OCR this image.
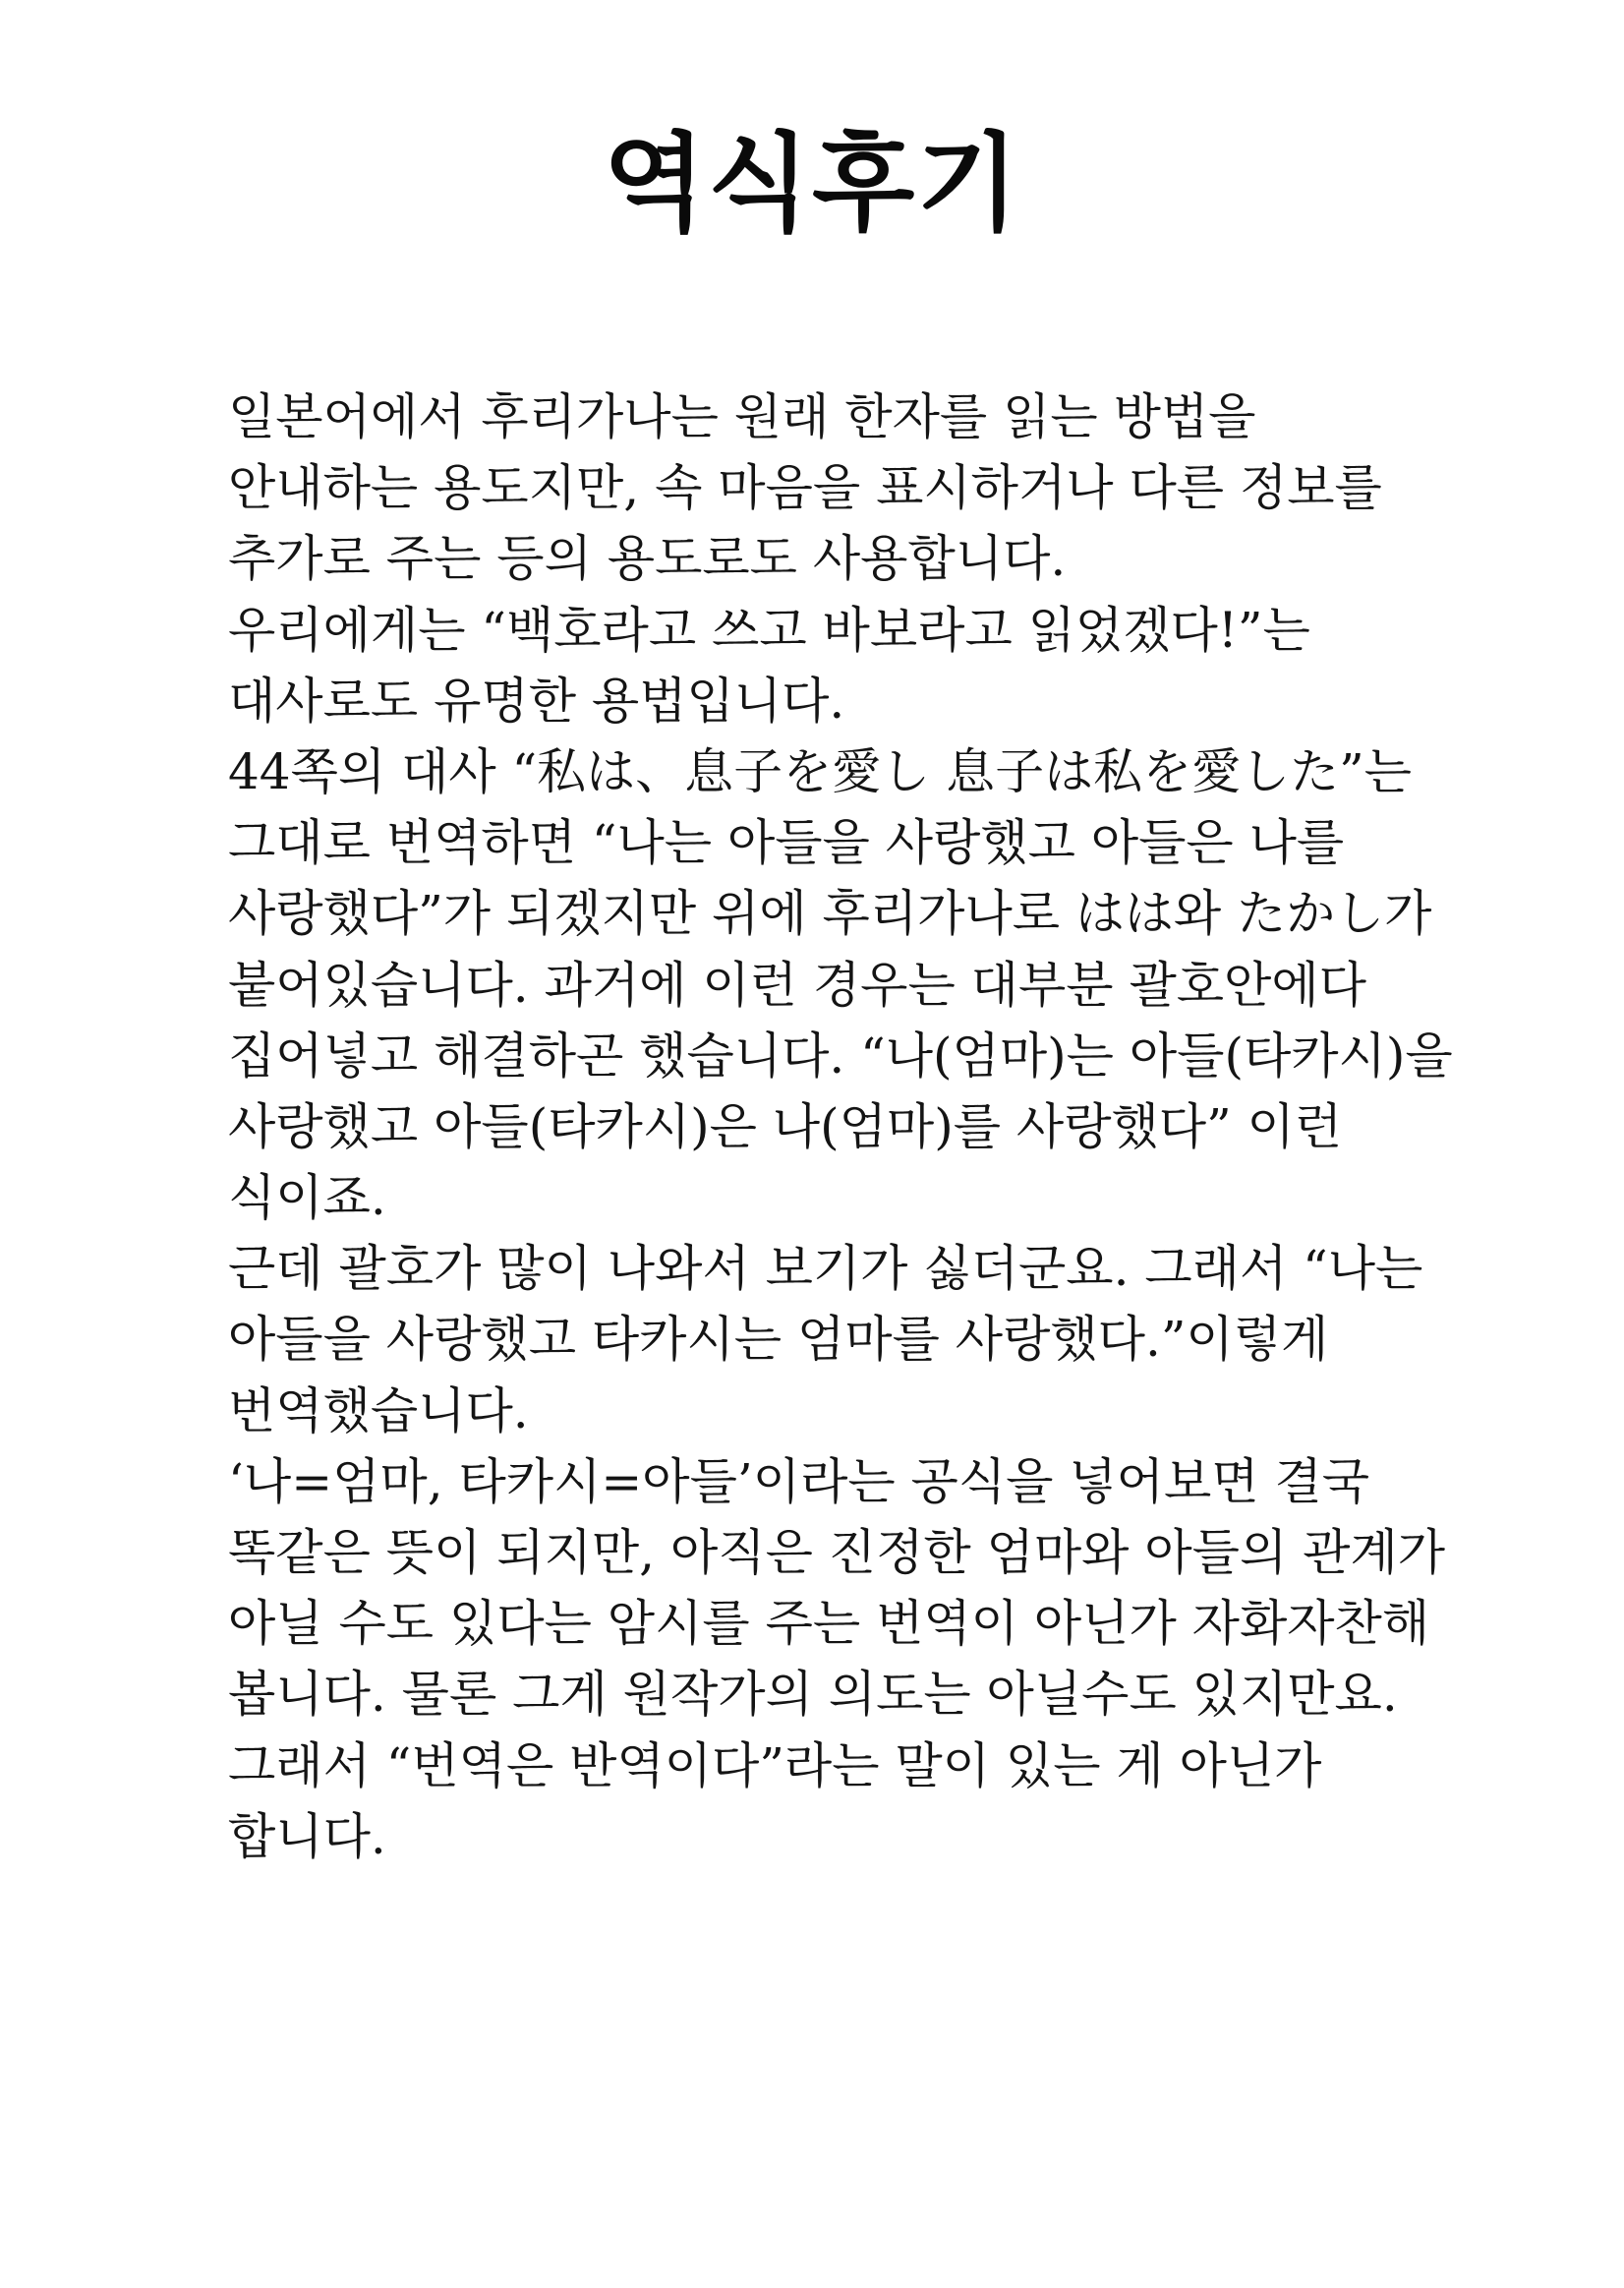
역식후기
일본어에서 후리가나는 원래 한자를 읽는 방법을
안내하는 용도지만, 속 마음을 표시하거나 다른 정보를
추가로 주는 등의 용도로도 사용합니다.
우리에게는 “백호라고 쓰고 바보라고 읽었겠다!”는
대사로도 유명한 용법입니다.
44쪽의 대사 “私は、息子を愛し 息子は私を愛した”는
그대로 번역하면 “나는 아들을 사랑했고 아들은 나를
사랑했다”가 되겠지만 위에 후리가나로 はは와 たかし가
붙어있습니다. 과거에 이런 경우는 대부분 괄호안에다
집어넣고 해결하곤 했습니다. “나(엄마)는 아들(타카시)을
사랑했고 아들(타카시)은 나(엄마)를 사랑했다” 이런
식이죠.
근데 괄호가 많이 나와서 보기가 싫더군요. 그래서 “나는
아들을 사랑했고 타카시는 엄마를 사랑했다.”이렇게
번역했습니다.
‘나=엄마, 타카시=아들’이라는 공식을 넣어보면 결국
똑같은 뜻이 되지만, 아직은 진정한 엄마와 아들의 관계가
아닐 수도 있다는 암시를 주는 번역이 아닌가 자화자찬해
봅니다. 물론 그게 원작가의 의도는 아닐수도 있지만요.
그래서 “번역은 반역이다”라는 말이 있는 게 아닌가
합니다.
